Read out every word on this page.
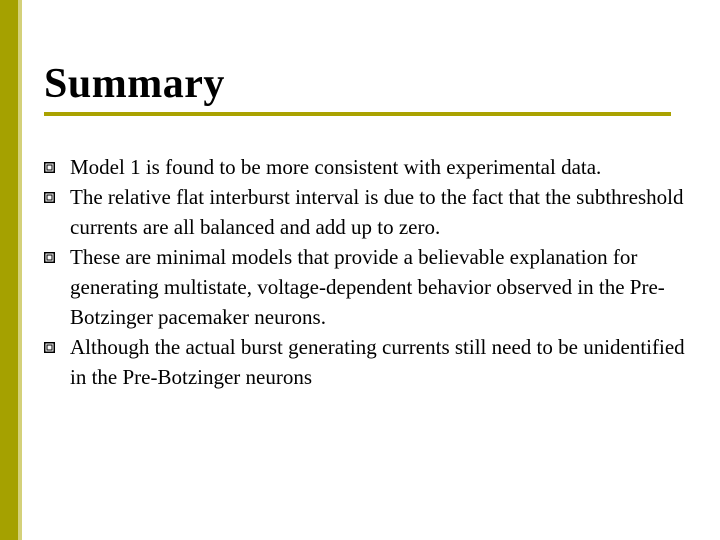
Summary
Model 1 is found to be more consistent with experimental data.
The relative flat interburst interval is due to the fact that the subthreshold currents are all balanced and add up to zero.
These are minimal models that provide a believable explanation for generating multistate, voltage-dependent behavior observed in the Pre-Botzinger pacemaker neurons.
Although the actual burst generating currents still need to be unidentified in the Pre-Botzinger neurons
